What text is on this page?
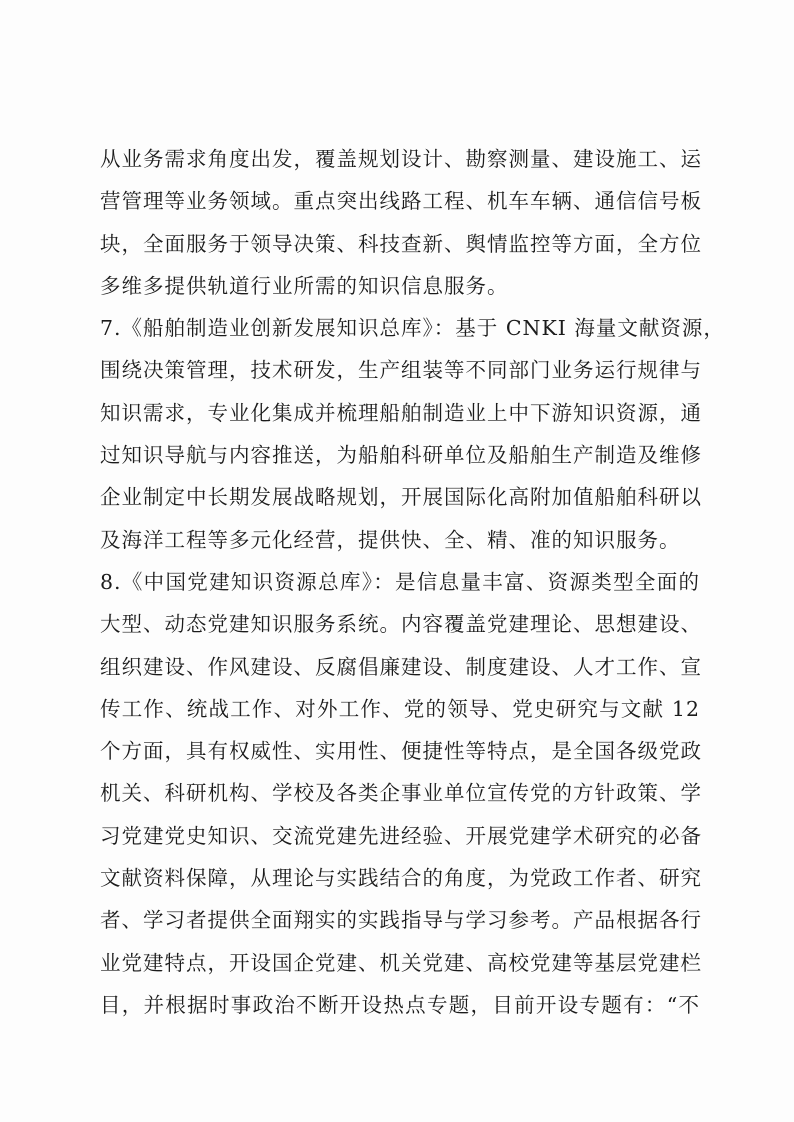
从业务需求角度出发，覆盖规划设计、勘察测量、建设施工、运
营管理等业务领域。重点突出线路工程、机车车辆、通信信号板
块，全面服务于领导决策、科技查新、舆情监控等方面，全方位
多维多提供轨道行业所需的知识信息服务。
7.《船舶制造业创新发展知识总库》：基于 CNKI 海量文献资源，
围绕决策管理，技术研发，生产组装等不同部门业务运行规律与
知识需求，专业化集成并梳理船舶制造业上中下游知识资源，通
过知识导航与内容推送，为船舶科研单位及船舶生产制造及维修
企业制定中长期发展战略规划，开展国际化高附加值船舶科研以
及海洋工程等多元化经营，提供快、全、精、准的知识服务。
8.《中国党建知识资源总库》：是信息量丰富、资源类型全面的
大型、动态党建知识服务系统。内容覆盖党建理论、思想建设、
组织建设、作风建设、反腐倡廉建设、制度建设、人才工作、宣
传工作、统战工作、对外工作、党的领导、党史研究与文献 12
个方面，具有权威性、实用性、便捷性等特点，是全国各级党政
机关、科研机构、学校及各类企事业单位宣传党的方针政策、学
习党建党史知识、交流党建先进经验、开展党建学术研究的必备
文献资料保障，从理论与实践结合的角度，为党政工作者、研究
者、学习者提供全面翔实的实践指导与学习参考。产品根据各行
业党建特点，开设国企党建、机关党建、高校党建等基层党建栏
目，并根据时事政治不断开设热点专题，目前开设专题有：“不
